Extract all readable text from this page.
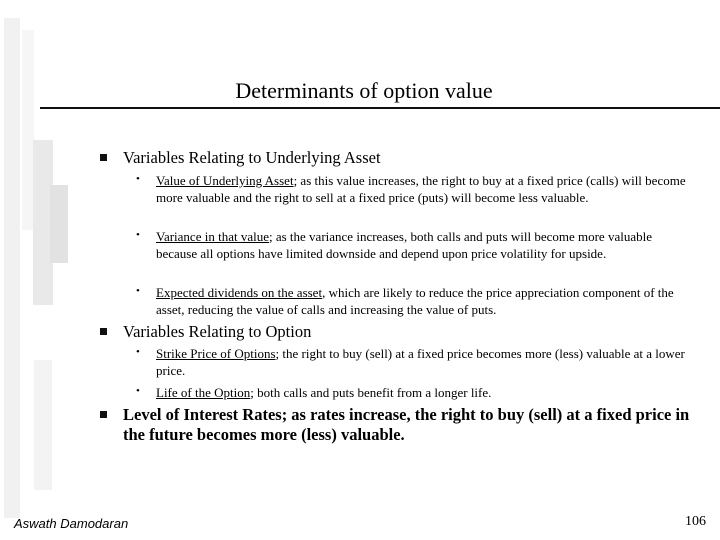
Determinants of option value
Variables Relating to Underlying Asset
• Value of Underlying Asset; as this value increases, the right to buy at a fixed price (calls) will become more valuable and the right to sell at a fixed price (puts) will become less valuable.
• Variance in that value; as the variance increases, both calls and puts will become more valuable because all options have limited downside and depend upon price volatility for upside.
• Expected dividends on the asset, which are likely to reduce the price appreciation component of the asset, reducing the value of calls and increasing the value of puts.
Variables Relating to Option
• Strike Price of Options; the right to buy (sell) at a fixed price becomes more (less) valuable at a lower price.
• Life of the Option; both calls and puts benefit from a longer life.
Level of Interest Rates; as rates increase, the right to buy (sell) at a fixed price in the future becomes more (less) valuable.
Aswath Damodaran	106
